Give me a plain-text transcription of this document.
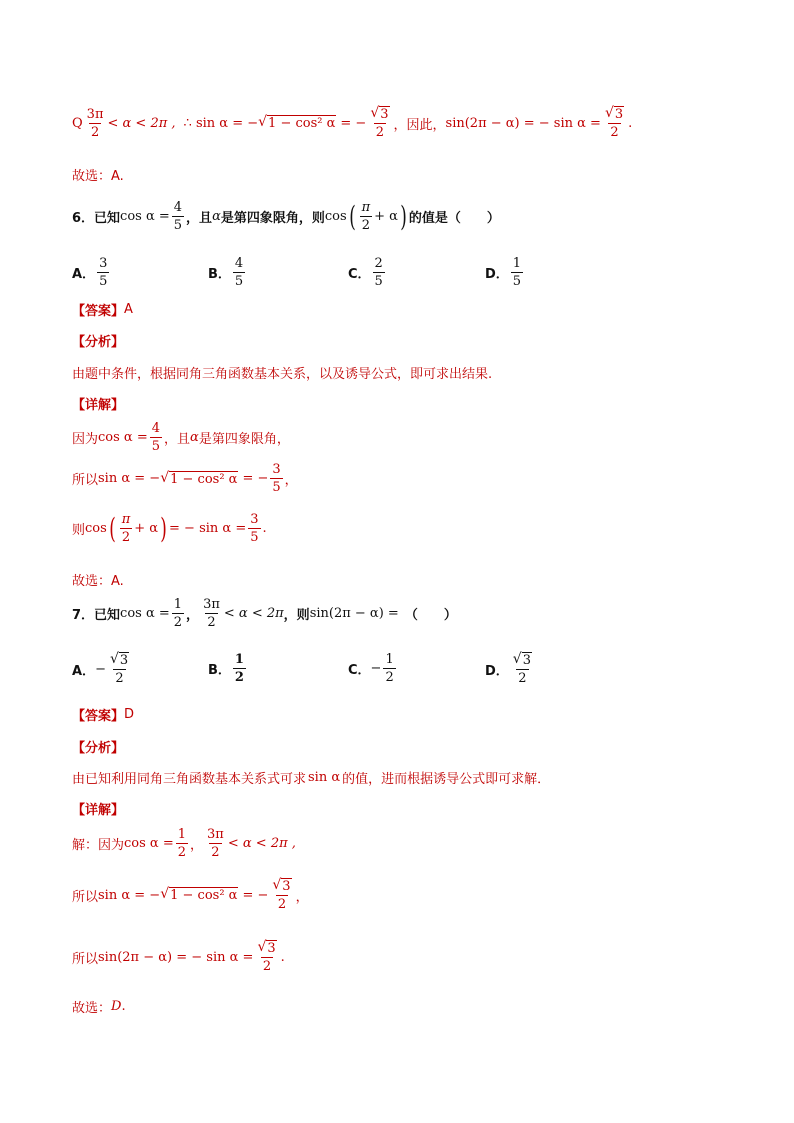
Q $\frac{3\pi}{2} < \alpha < 2\pi$ , ∴ sin α = − √ 1 − cos² α = − $\frac{√ 3}{2}$ ，因此， sin(2π − α) = − $\sin \alpha = \frac{√ 3}{2}$ .
故选：A.
6．已知 $\cos \alpha = \frac{4}{5}$ ，且 α 是第四象限角，则 cos ( $\frac{\pi}{2} + \alpha$ ) 的值是（　　）
A． $\frac{3}{5}$	B． $\frac{4}{5}$	C． $\frac{2}{5}$	D． $\frac{1}{5}$
【答案】 A
【分析】
由题中条件，根据同角三角函数基本关系，以及诱导公式，即可求出结果.
【详解】
因为 $\cos \alpha = \frac{4}{5}$ ，且 α 是第四象限角，
所以 sin α = − √ 1 − cos² α = − $\frac{3}{5}$ ，
则 cos ( $\frac{\pi}{2} + \alpha$ ) = − $\sin \alpha = \frac{3}{5}$ .
故选：A.
7．已知 $\cos \alpha = \frac{1}{2}$ ， $\frac{3\pi}{2} < \alpha < 2\pi$ ，则 sin(2π − α) = （　　）
A． − $\frac{√ 3}{2}$	B． $\frac{1}{2}$	C． − $\frac{1}{2}$	D． $\frac{√ 3}{2}$
【答案】 D
【分析】
由已知利用同角三角函数基本关系式可求 sin α 的值，进而根据诱导公式即可求解．
【详解】
解：因为 $\cos \alpha = \frac{1}{2}$ ， $\frac{3\pi}{2} < \alpha < 2\pi$ ,
所以 sin α = − √ 1 − cos² α = − $\frac{√ 3}{2}$ ，
所以 sin(2π − α) = − $\sin \alpha = \frac{√ 3}{2}$ .
故选： D .
